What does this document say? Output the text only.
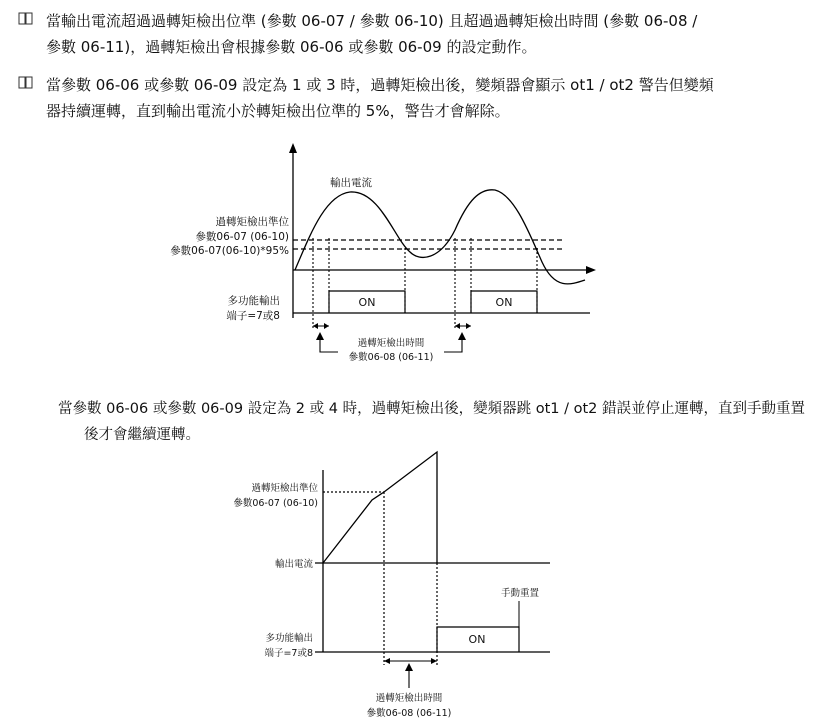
當輸出電流超過過轉矩檢出位準 (參數 06-07 / 參數 06-10) 且超過過轉矩檢出時間 (參數 06-08 /
參數 06-11)，過轉矩檢出會根據參數 06-06 或參數 06-09 的設定動作。
當參數 06-06 或參數 06-09 設定為 1 或 3 時，過轉矩檢出後，變頻器會顯示 ot1 / ot2 警告但變頻
器持續運轉，直到輸出電流小於轉矩檢出位準的 5%，警告才會解除。
輸出電流
過轉矩檢出準位
參數06-07 (06-10)
參數06-07(06-10)*95%
多功能輸出
端子=7或8
ON	ON
過轉矩檢出時間
參數06-08 (06-11)
當參數 06-06 或參數 06-09 設定為 2 或 4 時，過轉矩檢出後，變頻器跳 ot1 / ot2 錯誤並停止運轉，直到手動重置
後才會繼續運轉。
過轉矩檢出準位
參數06-07 (06-10)
輸出電流
手動重置
多功能輸出
端子=7或8
ON
過轉矩檢出時間
參數06-08 (06-11)
